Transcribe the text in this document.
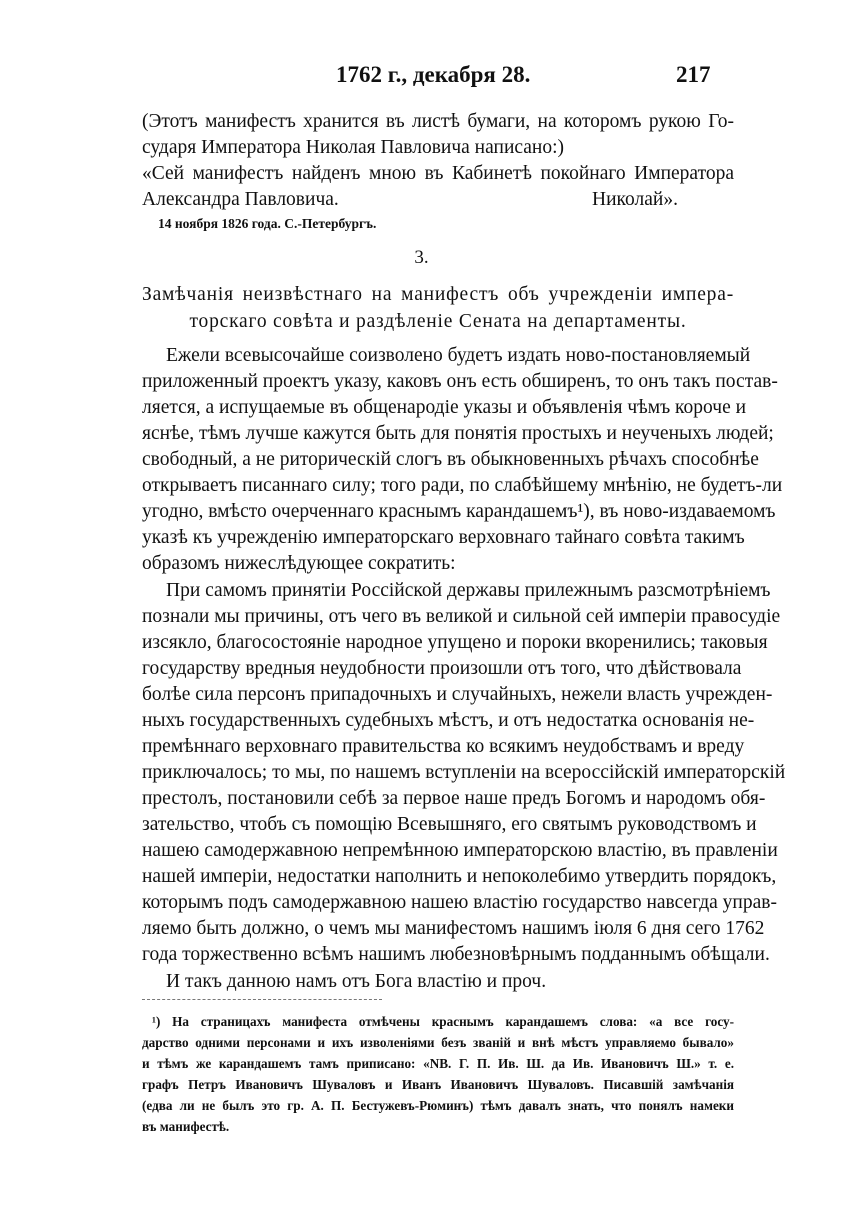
1762 г., декабря 28.	217
(Этотъ манифестъ хранится въ листѣ бумаги, на которомъ рукою Го-
сударя Императора Николая Павловича написано:)
«Сей манифестъ найденъ мною въ Кабинетѣ покойнаго Императора
Александра Павловича.	Николай».
14 ноября 1826 года. С.-Петербургъ.
3.
Замѣчанія неизвѣстнаго на манифестъ объ учрежденіи импера-
торскаго совѣта и раздѣленіе Сената на департаменты.
Ежели всевысочайше соизволено будетъ издать ново-постановляемый
приложенный проектъ указу, каковъ онъ есть обширенъ, то онъ такъ постав-
ляется, а испущаемые въ общенародіе указы и объявленія чѣмъ короче и
яснѣе, тѣмъ лучше кажутся быть для понятія простыхъ и неученыхъ людей;
свободный, а не риторическій слогъ въ обыкновенныхъ рѣчахъ способнѣе
открываетъ писаннаго силу; того ради, по слабѣйшему мнѣнію, не будетъ-ли
угодно, вмѣсто очерченнаго краснымъ карандашемъ¹), въ ново-издаваемомъ
указѣ къ учрежденію императорскаго верховнаго тайнаго совѣта такимъ
образомъ нижеслѣдующее сократить:
При самомъ принятіи Россійской державы прилежнымъ разсмотрѣніемъ
познали мы причины, отъ чего въ великой и сильной сей имперіи правосудіе
изсякло, благосостояніе народное упущено и пороки вкоренились; таковыя
государству вредныя неудобности произошли отъ того, что дѣйствовала
болѣе сила персонъ припадочныхъ и случайныхъ, нежели власть учрежден-
ныхъ государственныхъ судебныхъ мѣстъ, и отъ недостатка основанія не-
премѣннаго верховнаго правительства ко всякимъ неудобствамъ и вреду
приключалось; то мы, по нашемъ вступленіи на всероссійскій императорскій
престолъ, постановили себѣ за первое наше предъ Богомъ и народомъ обя-
зательство, чтобъ съ помощію Всевышняго, его святымъ руководствомъ и
нашею самодержавною непремѣнною императорскою властію, въ правленіи
нашей имперіи, недостатки наполнить и непоколебимо утвердить порядокъ,
которымъ подъ самодержавною нашею властію государство навсегда управ-
ляемо быть должно, о чемъ мы манифестомъ нашимъ іюля 6 дня сего 1762
года торжественно всѣмъ нашимъ любезновѣрнымъ подданнымъ обѣщали.
И такъ данною намъ отъ Бога властію и проч.
¹) На страницахъ манифеста отмѣчены краснымъ карандашемъ слова: «а все госу-
дарство одними персонами и ихъ изволеніями безъ званій и внѣ мѣстъ управляемо бывало»
и тѣмъ же карандашемъ тамъ приписано: «NB. Г. П. Ив. Ш. да Ив. Ивановичъ Ш.» т. е.
графъ Петръ Ивановичъ Шуваловъ и Иванъ Ивановичъ Шуваловъ. Писавшій замѣчанія
(едва ли не былъ это гр. А. П. Бестужевъ-Рюминъ) тѣмъ давалъ знать, что понялъ намеки
въ манифестѣ.
